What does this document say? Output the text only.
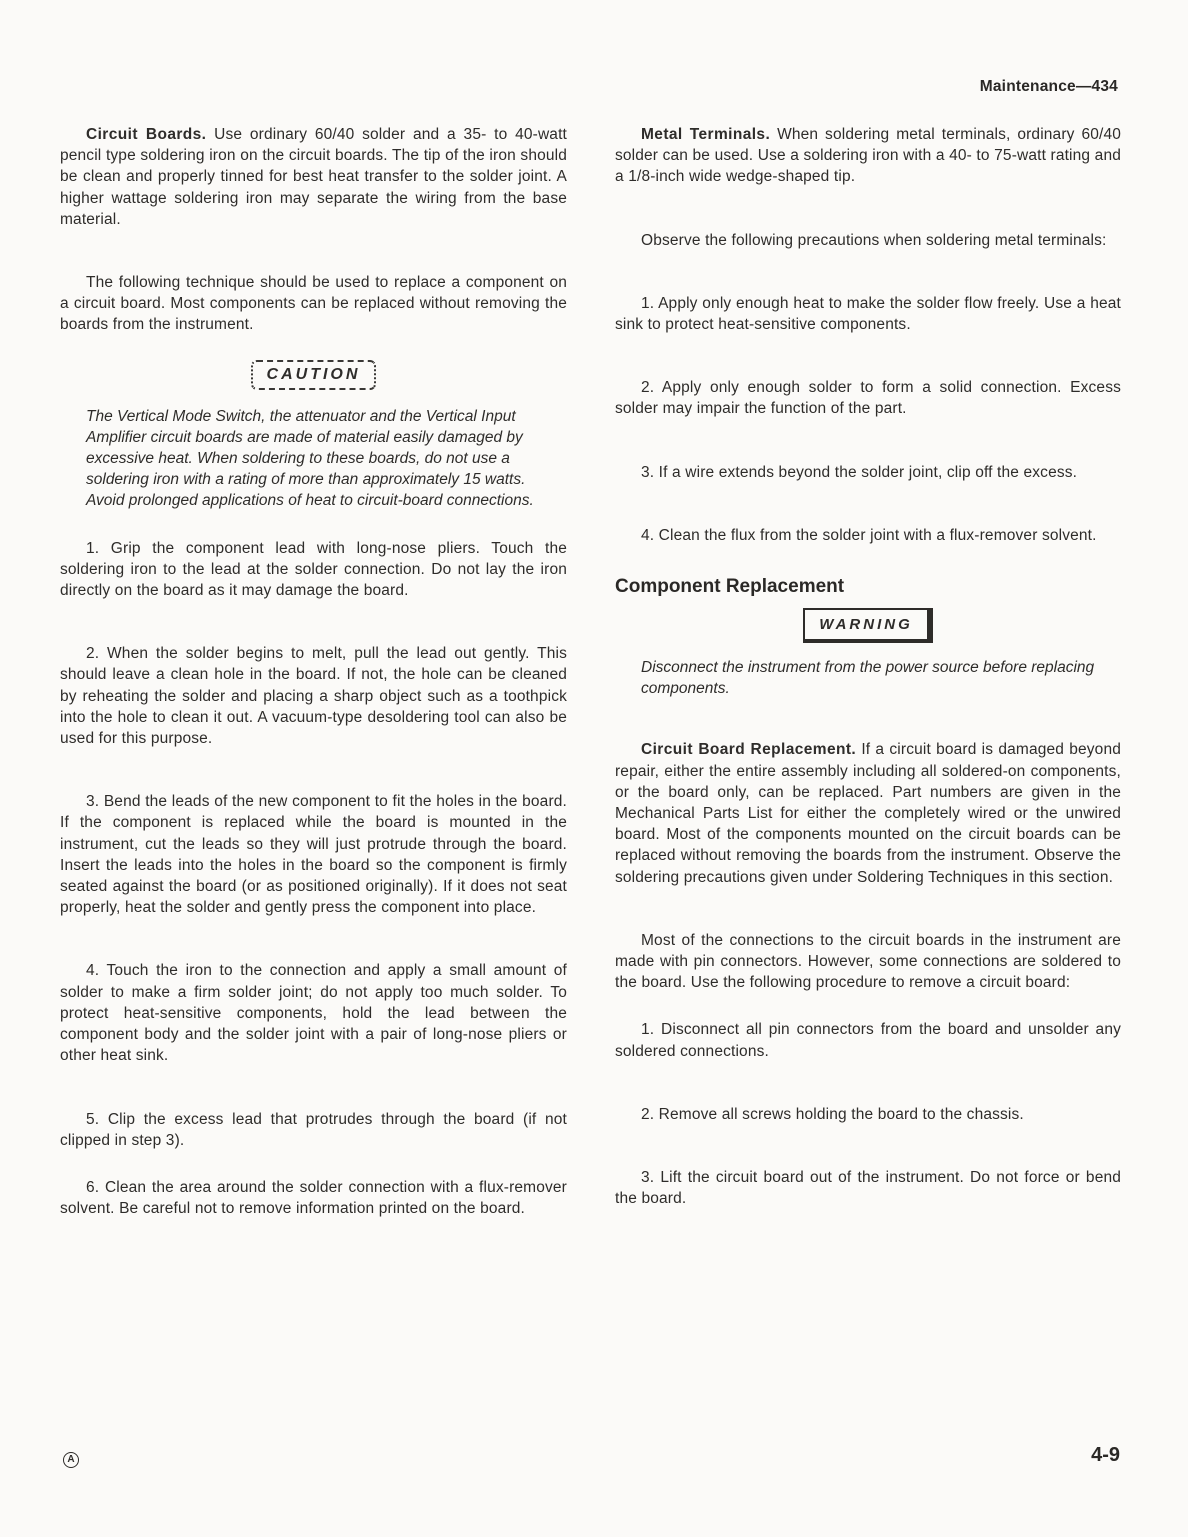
Maintenance—434

Circuit Boards. Use ordinary 60/40 solder and a 35- to 40-watt pencil type soldering iron on the circuit boards. The tip of the iron should be clean and properly tinned for best heat transfer to the solder joint. A higher wattage soldering iron may separate the wiring from the base material.

The following technique should be used to replace a component on a circuit board. Most components can be replaced without removing the boards from the instrument.

CAUTION
The Vertical Mode Switch, the attenuator and the Vertical Input Amplifier circuit boards are made of material easily damaged by excessive heat. When soldering to these boards, do not use a soldering iron with a rating of more than approximately 15 watts. Avoid prolonged applications of heat to circuit-board connections.

1. Grip the component lead with long-nose pliers. Touch the soldering iron to the lead at the solder connection. Do not lay the iron directly on the board as it may damage the board.

2. When the solder begins to melt, pull the lead out gently. This should leave a clean hole in the board. If not, the hole can be cleaned by reheating the solder and placing a sharp object such as a toothpick into the hole to clean it out. A vacuum-type desoldering tool can also be used for this purpose.

3. Bend the leads of the new component to fit the holes in the board. If the component is replaced while the board is mounted in the instrument, cut the leads so they will just protrude through the board. Insert the leads into the holes in the board so the component is firmly seated against the board (or as positioned originally). If it does not seat properly, heat the solder and gently press the component into place.

4. Touch the iron to the connection and apply a small amount of solder to make a firm solder joint; do not apply too much solder. To protect heat-sensitive components, hold the lead between the component body and the solder joint with a pair of long-nose pliers or other heat sink.

5. Clip the excess lead that protrudes through the board (if not clipped in step 3).

6. Clean the area around the solder connection with a flux-remover solvent. Be careful not to remove information printed on the board.

Metal Terminals. When soldering metal terminals, ordinary 60/40 solder can be used. Use a soldering iron with a 40- to 75-watt rating and a 1/8-inch wide wedge-shaped tip.

Observe the following precautions when soldering metal terminals:

1. Apply only enough heat to make the solder flow freely. Use a heat sink to protect heat-sensitive components.

2. Apply only enough solder to form a solid connection. Excess solder may impair the function of the part.

3. If a wire extends beyond the solder joint, clip off the excess.

4. Clean the flux from the solder joint with a flux-remover solvent.

Component Replacement
WARNING
Disconnect the instrument from the power source before replacing components.

Circuit Board Replacement. If a circuit board is damaged beyond repair, either the entire assembly including all soldered-on components, or the board only, can be replaced. Part numbers are given in the Mechanical Parts List for either the completely wired or the unwired board. Most of the components mounted on the circuit boards can be replaced without removing the boards from the instrument. Observe the soldering precautions given under Soldering Techniques in this section.

Most of the connections to the circuit boards in the instrument are made with pin connectors. However, some connections are soldered to the board. Use the following procedure to remove a circuit board:

1. Disconnect all pin connectors from the board and unsolder any soldered connections.

2. Remove all screws holding the board to the chassis.

3. Lift the circuit board out of the instrument. Do not force or bend the board.

A	4-9
